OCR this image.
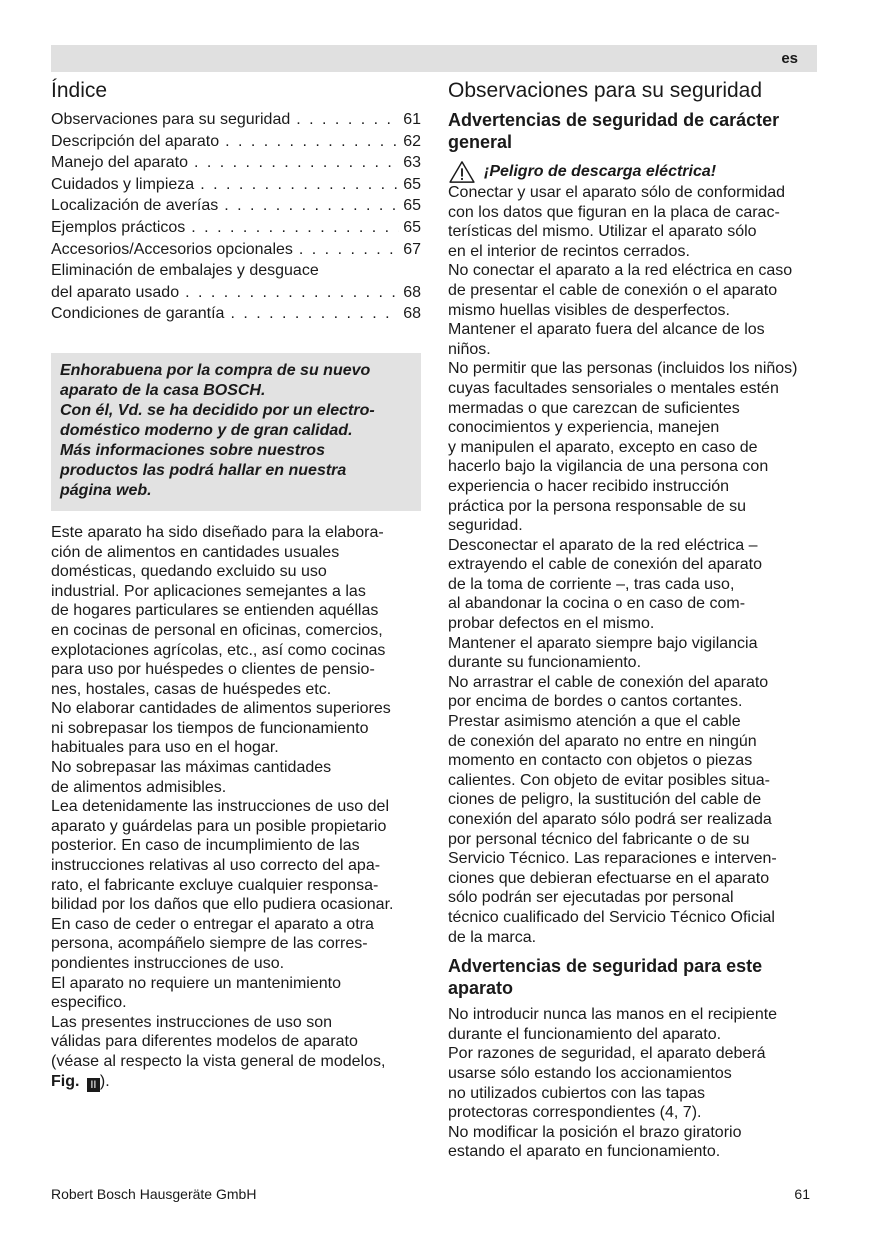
es
Índice
Observaciones para su seguridad . . .	61
Descripción del aparato . . .	62
Manejo del aparato . . .	63
Cuidados y limpieza . . .	65
Localización de averías . . .	65
Ejemplos prácticos . . .	65
Accesorios/Accesorios opcionales . . .	67
Eliminación de embalajes y desguace
del aparato usado . . .	68
Condiciones de garantía . . .	68
Enhorabuena por la compra de su nuevo
aparato de la casa BOSCH.
Con él, Vd. se ha decidido por un electro-
doméstico moderno y de gran calidad.
Más informaciones sobre nuestros
productos las podrá hallar en nuestra
página web.
Este aparato ha sido diseñado para la elabora-
ción de alimentos en cantidades usuales
domésticas, quedando excluido su uso
industrial. Por aplicaciones semejantes a las
de hogares particulares se entienden aquéllas
en cocinas de personal en oficinas, comercios,
explotaciones agrícolas, etc., así como cocinas
para uso por huéspedes o clientes de pensio-
nes, hostales, casas de huéspedes etc.
No elaborar cantidades de alimentos superiores
ni sobrepasar los tiempos de funcionamiento
habituales para uso en el hogar.
No sobrepasar las máximas cantidades
de alimentos admisibles.
Lea detenidamente las instrucciones de uso del
aparato y guárdelas para un posible propietario
posterior. En caso de incumplimiento de las
instrucciones relativas al uso correcto del apa-
rato, el fabricante excluye cualquier responsa-
bilidad por los daños que ello pudiera ocasionar.
En caso de ceder o entregar el aparato a otra
persona, acompáñelo siempre de las corres-
pondientes instrucciones de uso.
El aparato no requiere un mantenimiento
especifico.
Las presentes instrucciones de uso son
válidas para diferentes modelos de aparato
(véase al respecto la vista general de modelos,
Fig. II ).
Observaciones para su seguridad
Advertencias de seguridad de carácter
general
¡Peligro de descarga eléctrica!
Conectar y usar el aparato sólo de conformidad
con los datos que figuran en la placa de carac-
terísticas del mismo. Utilizar el aparato sólo
en el interior de recintos cerrados.
No conectar el aparato a la red eléctrica en caso
de presentar el cable de conexión o el aparato
mismo huellas visibles de desperfectos.
Mantener el aparato fuera del alcance de los
niños.
No permitir que las personas (incluidos los niños)
cuyas facultades sensoriales o mentales estén
mermadas o que carezcan de suficientes
conocimientos y experiencia, manejen
y manipulen el aparato, excepto en caso de
hacerlo bajo la vigilancia de una persona con
experiencia o hacer recibido instrucción
práctica por la persona responsable de su
seguridad.
Desconectar el aparato de la red eléctrica –
extrayendo el cable de conexión del aparato
de la toma de corriente –, tras cada uso,
al abandonar la cocina o en caso de com-
probar defectos en el mismo.
Mantener el aparato siempre bajo vigilancia
durante su funcionamiento.
No arrastrar el cable de conexión del aparato
por encima de bordes o cantos cortantes.
Prestar asimismo atención a que el cable
de conexión del aparato no entre en ningún
momento en contacto con objetos o piezas
calientes. Con objeto de evitar posibles situa-
ciones de peligro, la sustitución del cable de
conexión del aparato sólo podrá ser realizada
por personal técnico del fabricante o de su
Servicio Técnico. Las reparaciones e interven-
ciones que debieran efectuarse en el aparato
sólo podrán ser ejecutadas por personal
técnico cualificado del Servicio Técnico Oficial
de la marca.
Advertencias de seguridad para este
aparato
No introducir nunca las manos en el recipiente
durante el funcionamiento del aparato.
Por razones de seguridad, el aparato deberá
usarse sólo estando los accionamientos
no utilizados cubiertos con las tapas
protectoras correspondientes (4, 7).
No modificar la posición el brazo giratorio
estando el aparato en funcionamiento.
Robert Bosch Hausgeräte GmbH	61
